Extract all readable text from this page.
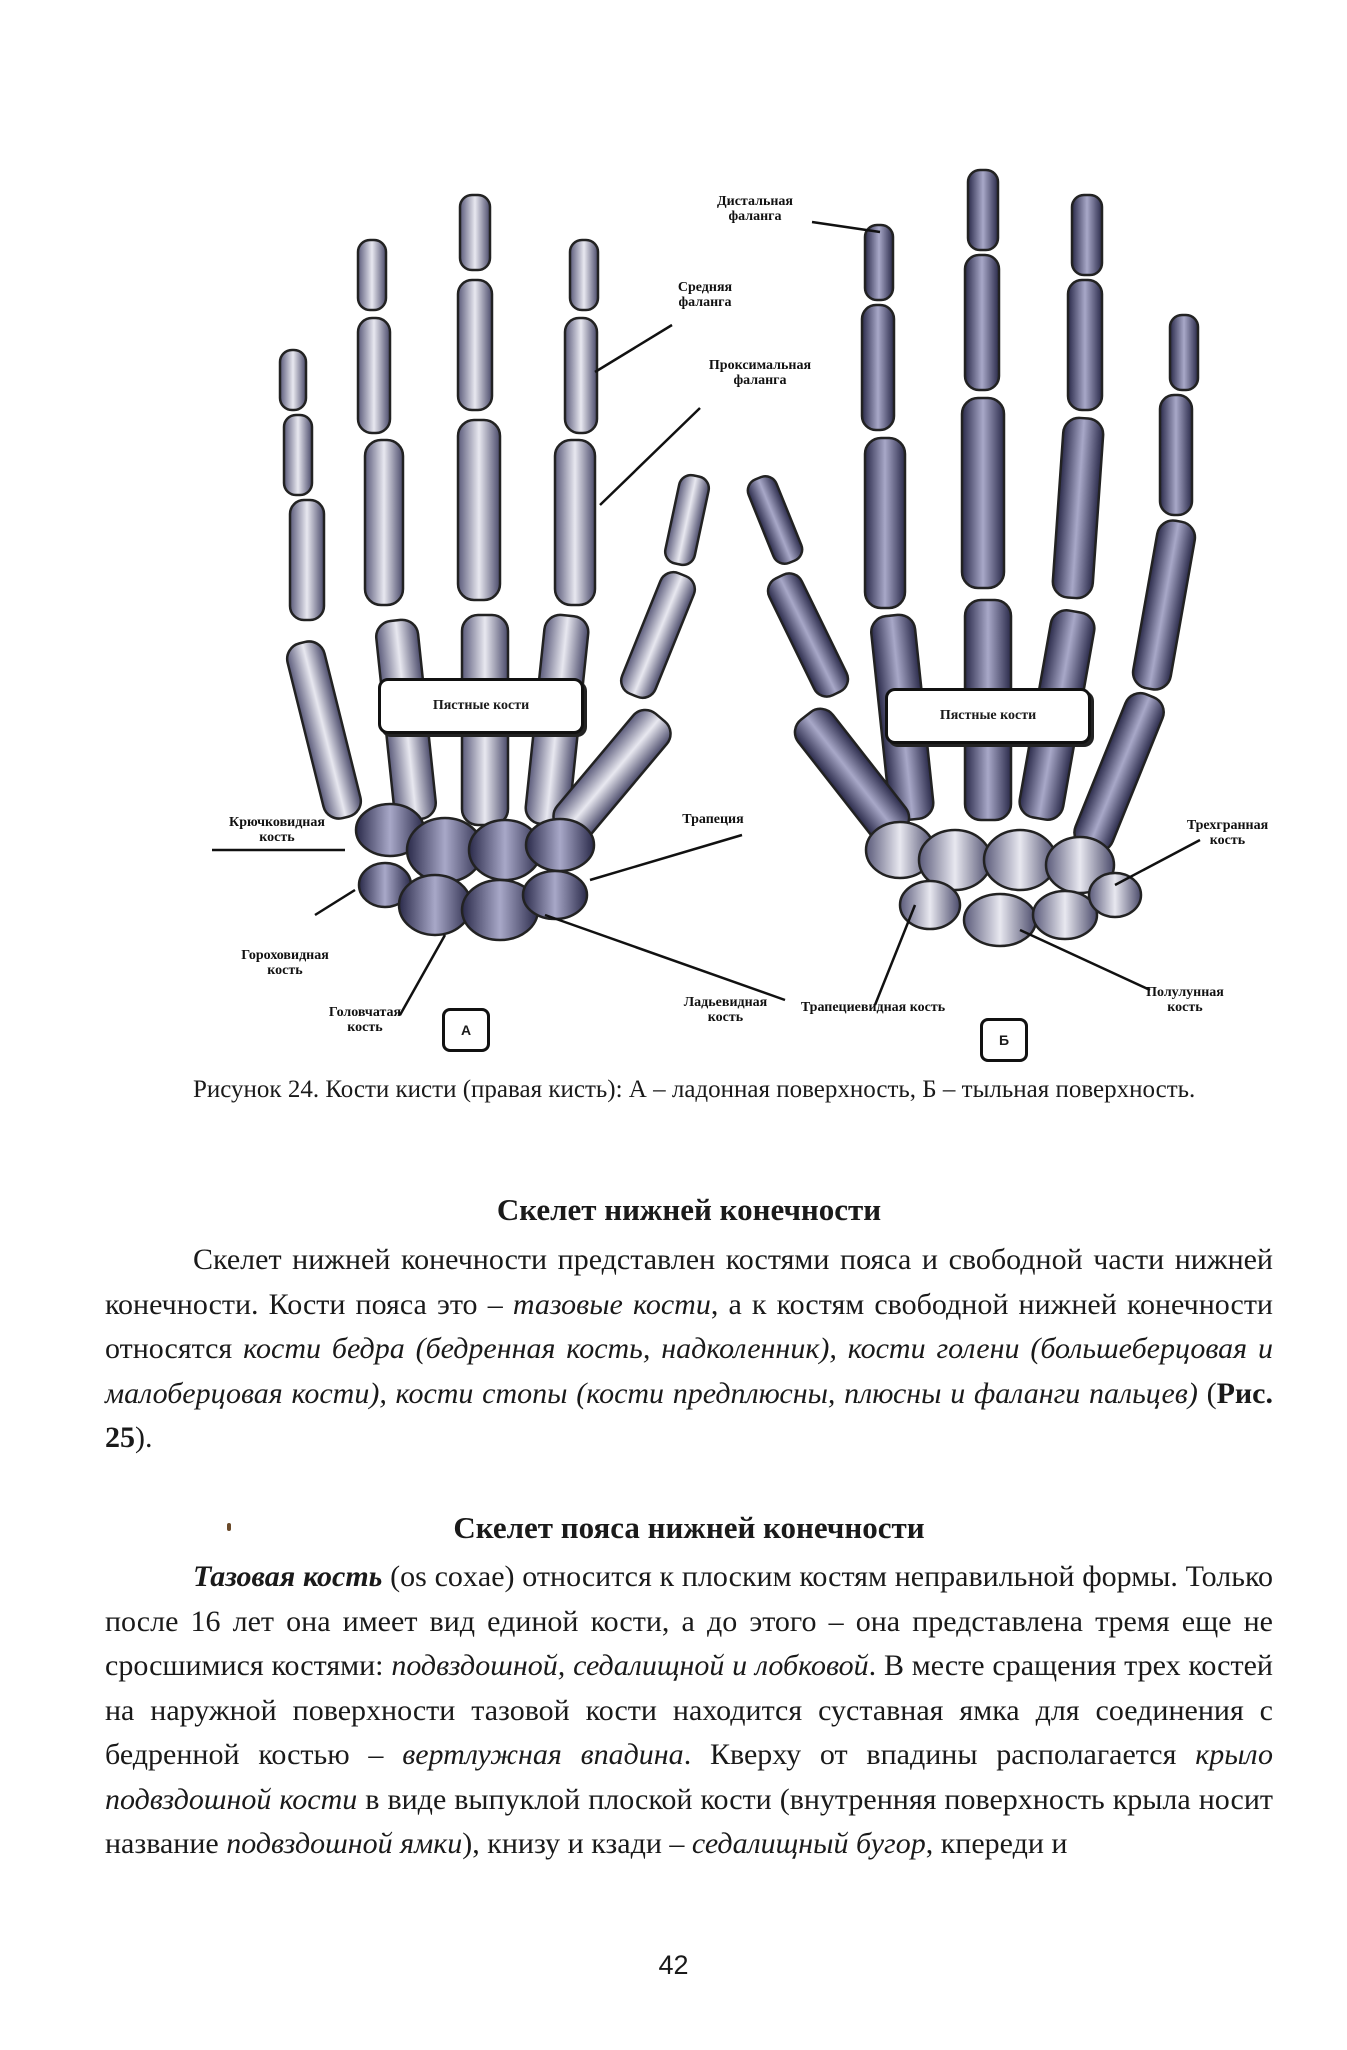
Дистальная фаланга
Средняя фаланга
Проксимальная фаланга
Пястные кости
Крючковидная кость
Трапеция
Гороховидная кость
Головчатая кость	А
Ладьевидная кость
Пястные кости
Трехгранная кость
Трапециевидная кость
Полулунная кость
Б
Рисунок 24. Кости кисти (правая кисть): А – ладонная поверхность, Б – тыльная поверхность.
Скелет нижней конечности
Скелет нижней конечности представлен костями пояса и свободной части нижней конечности. Кости пояса это – тазовые кости, а к костям свободной нижней конечности относятся кости бедра (бедренная кость, надколенник), кости голени (большеберцовая и малоберцовая кости), кости стопы (кости предплюсны, плюсны и фаланги пальцев) (Рис. 25).
Скелет пояса нижней конечности
Тазовая кость (os coxae) относится к плоским костям неправильной формы. Только после 16 лет она имеет вид единой кости, а до этого – она представлена тремя еще не сросшимися костями: подвздошной, седалищной и лобковой. В месте сращения трех костей на наружной поверхности тазовой кости находится суставная ямка для соединения с бедренной костью – вертлужная впадина. Кверху от впадины располагается крыло подвздошной кости в виде выпуклой плоской кости (внутренняя поверхность крыла носит название подвздошной ямки), книзу и кзади – седалищный бугор, кпереди и
42
